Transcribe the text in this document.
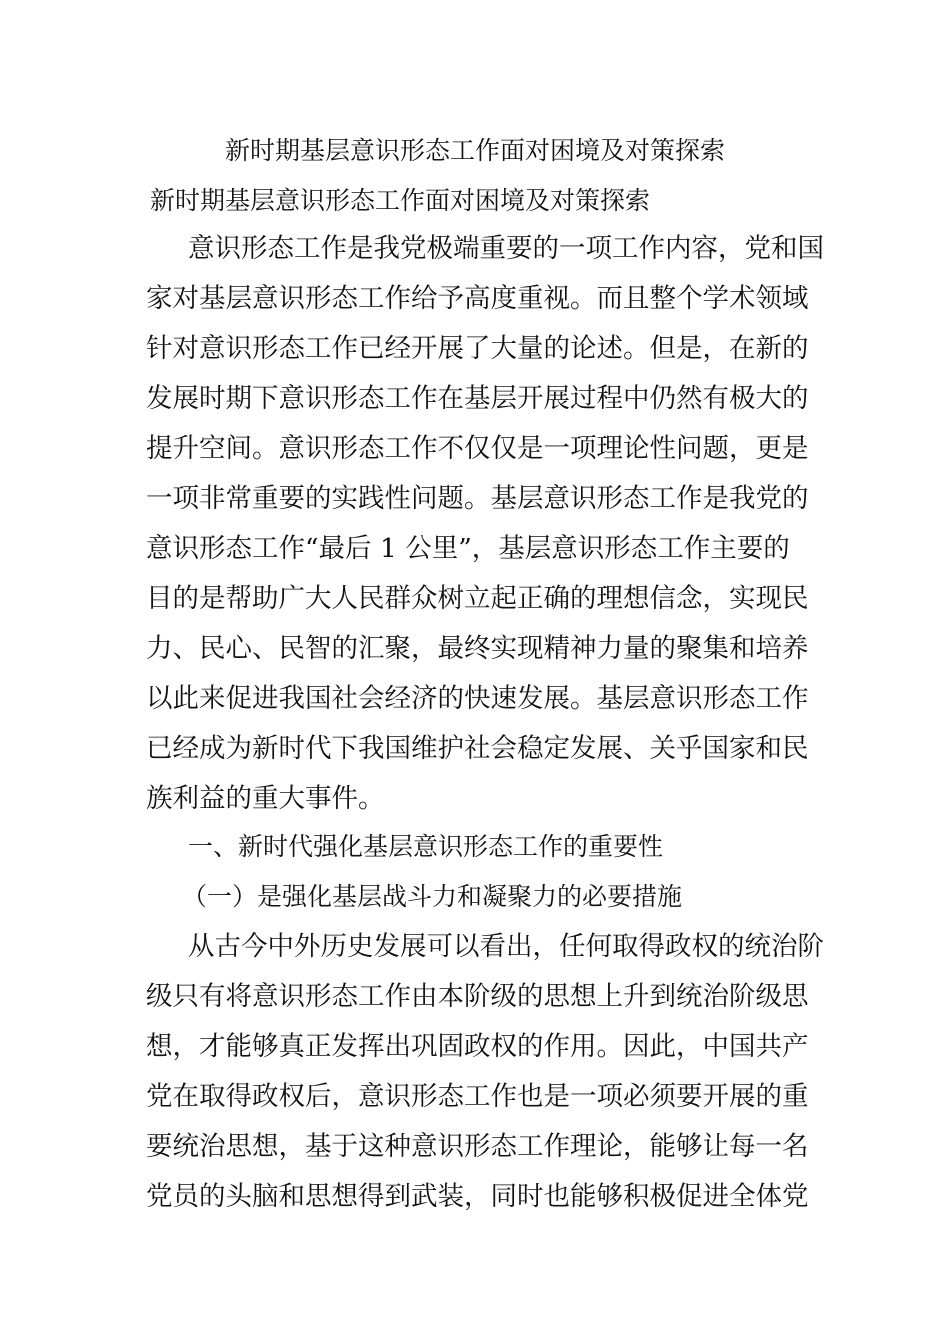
新时期基层意识形态工作面对困境及对策探索
新时期基层意识形态工作面对困境及对策探索
意识形态工作是我党极端重要的一项工作内容，党和国
家对基层意识形态工作给予高度重视。而且整个学术领域
针对意识形态工作已经开展了大量的论述。但是，在新的
发展时期下意识形态工作在基层开展过程中仍然有极大的
提升空间。意识形态工作不仅仅是一项理论性问题，更是
一项非常重要的实践性问题。基层意识形态工作是我党的
意识形态工作“最后 1 公里”，基层意识形态工作主要的
目的是帮助广大人民群众树立起正确的理想信念，实现民
力、民心、民智的汇聚，最终实现精神力量的聚集和培养
以此来促进我国社会经济的快速发展。基层意识形态工作
已经成为新时代下我国维护社会稳定发展、关乎国家和民
族利益的重大事件。
一、新时代强化基层意识形态工作的重要性
（一）是强化基层战斗力和凝聚力的必要措施
从古今中外历史发展可以看出，任何取得政权的统治阶
级只有将意识形态工作由本阶级的思想上升到统治阶级思
想，才能够真正发挥出巩固政权的作用。因此，中国共产
党在取得政权后，意识形态工作也是一项必须要开展的重
要统治思想，基于这种意识形态工作理论，能够让每一名
党员的头脑和思想得到武装，同时也能够积极促进全体党
